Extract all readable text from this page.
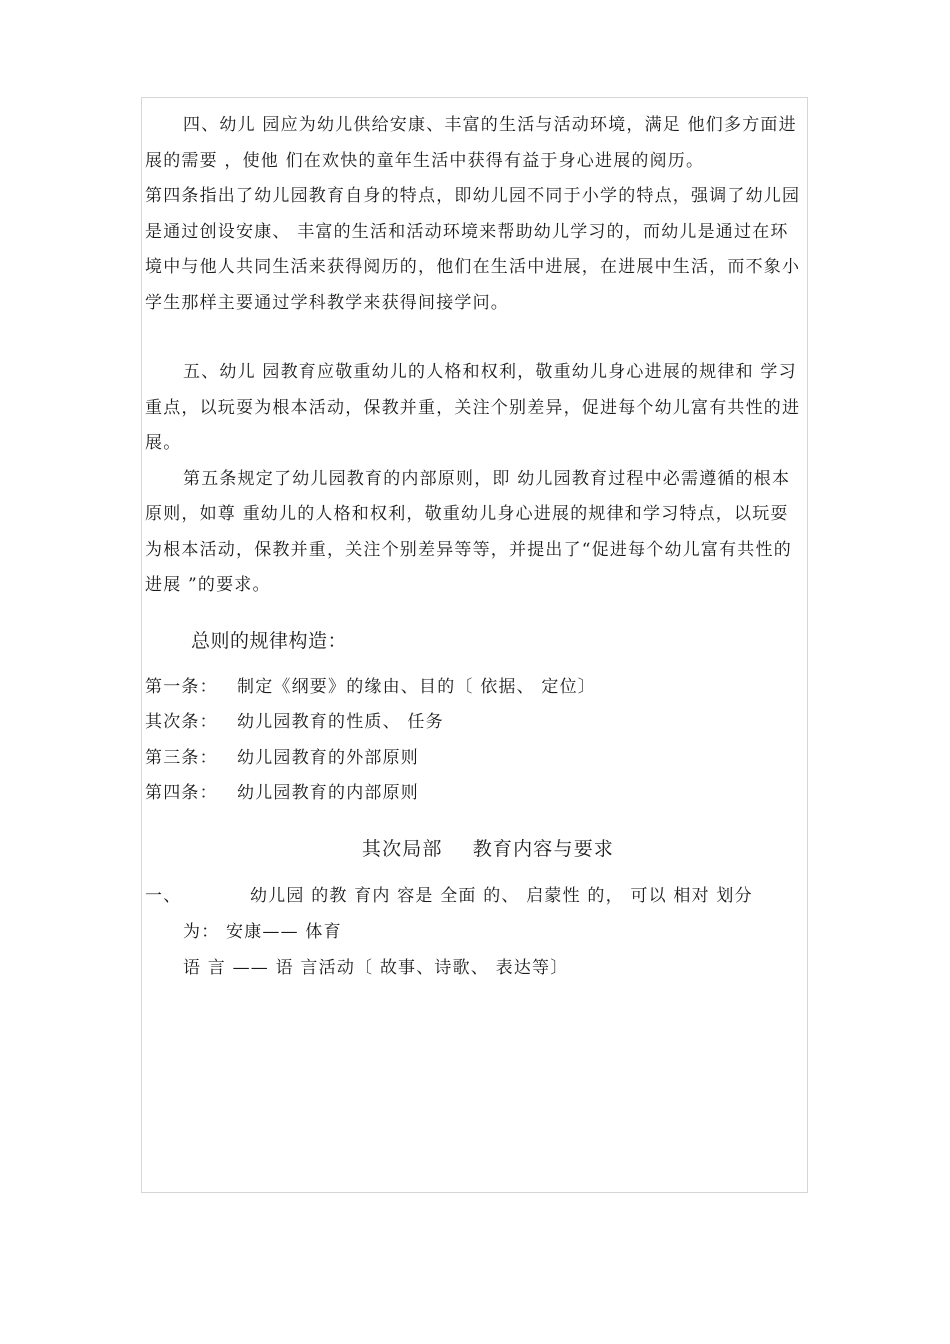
四、幼儿 园应为幼儿供给安康、丰富的生活与活动环境，满足 他们多方面进展的需要 ，使他 们在欢快的童年生活中获得有益于身心进展的阅历。

第四条指出了幼儿园教育自身的特点，即幼儿园不同于小学的特点，强调了幼儿园是通过创设安康、 丰富的生活和活动环境来帮助幼儿学习的，而幼儿是通过在环境中与他人共同生活来获得阅历的，他们在生活中进展，在进展中生活，而不象小学生那样主要通过学科教学来获得间接学问。

五、幼儿 园教育应敬重幼儿的人格和权利，敬重幼儿身心进展的规律和 学习重点，以玩耍为根本活动，保教并重，关注个别差异，促进每个幼儿富有共性的进展。

第五条规定了幼儿园教育的内部原则，即 幼儿园教育过程中必需遵循的根本原则，如尊 重幼儿的人格和权利，敬重幼儿身心进展的规律和学习特点，以玩耍为根本活动，保教并重，关注个别差异等等，并提出了“促进每个幼儿富有共性的进展 ”的要求。

总则的规律构造：
第一条： 制定《纲要》的缘由、目的〔 依据、 定位〕
其次条： 幼儿园教育的性质、 任务
第三条： 幼儿园教育的外部原则
第四条： 幼儿园教育的内部原则
其次局部 教育内容与要求
一、	幼儿园 的教 育内 容是 全面 的、 启蒙性 的， 可以 相对 划分
为： 安康—— 体育
语 言 —— 语 言活动〔 故事、诗歌、 表达等〕
